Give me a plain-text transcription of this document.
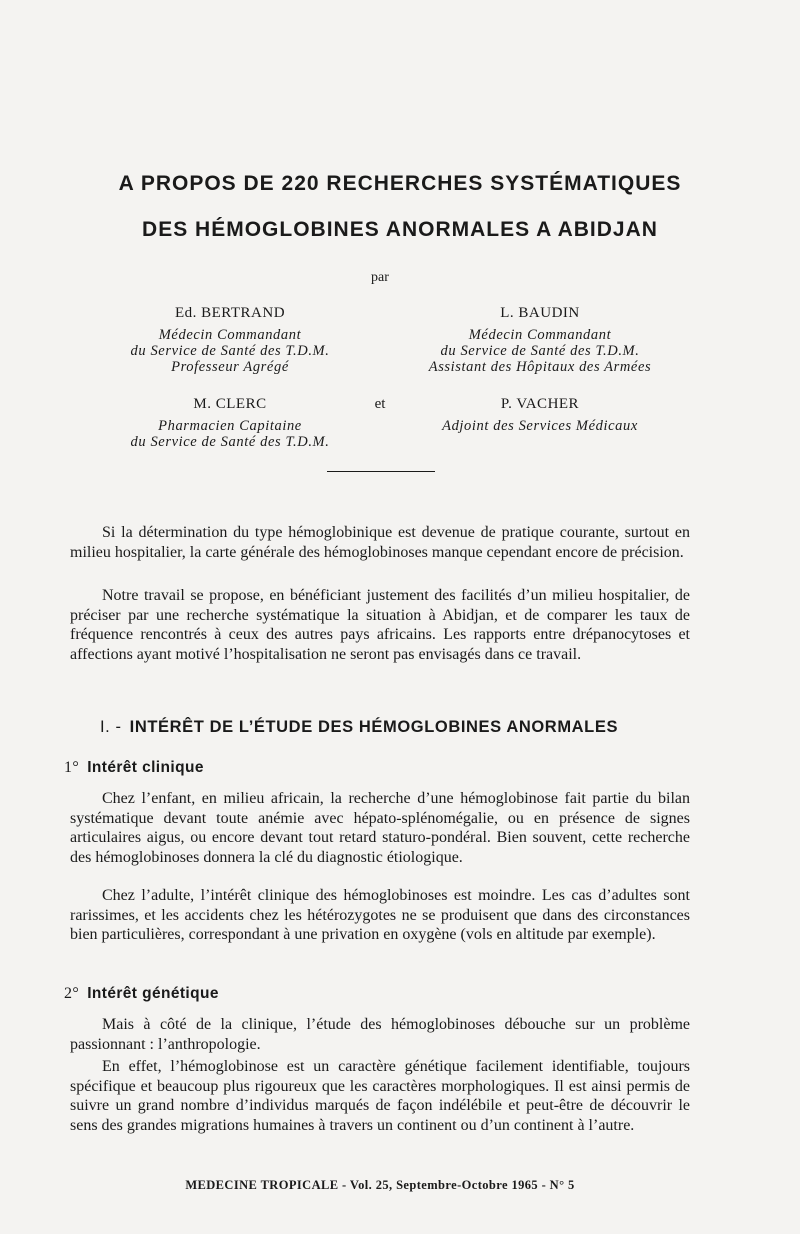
A PROPOS DE 220 RECHERCHES SYSTÉMATIQUES
DES HÉMOGLOBINES ANORMALES A ABIDJAN

par

Ed. BERTRAND
Médecin Commandant
du Service de Santé des T.D.M.
Professeur Agrégé
L. BAUDIN
Médecin Commandant
du Service de Santé des T.D.M.
Assistant des Hôpitaux des Armées

et

M. CLERC
Pharmacien Capitaine
du Service de Santé des T.D.M.
P. VACHER
Adjoint des Services Médicaux

Si la détermination du type hémoglobinique est devenue de pratique courante, surtout en milieu hospitalier, la carte générale des hémoglobinoses manque cependant encore de précision.

Notre travail se propose, en bénéficiant justement des facilités d’un milieu hospitalier, de préciser par une recherche systématique la situation à Abidjan, et de comparer les taux de fréquence rencontrés à ceux des autres pays africains. Les rapports entre drépanocytoses et affections ayant motivé l’hospitalisation ne seront pas envisagés dans ce travail.

I. - INTÉRÊT DE L’ÉTUDE DES HÉMOGLOBINES ANORMALES
1° Intérêt clinique

Chez l’enfant, en milieu africain, la recherche d’une hémoglobinose fait partie du bilan systématique devant toute anémie avec hépato-splénomégalie, ou en présence de signes articulaires aigus, ou encore devant tout retard staturo-pondéral. Bien souvent, cette recherche des hémoglobinoses donnera la clé du diagnostic étiologique.

Chez l’adulte, l’intérêt clinique des hémoglobinoses est moindre. Les cas d’adultes sont rarissimes, et les accidents chez les hétérozygotes ne se produisent que dans des circonstances bien particulières, correspondant à une privation en oxygène (vols en altitude par exemple).

2° Intérêt génétique

Mais à côté de la clinique, l’étude des hémoglobinoses débouche sur un problème passionnant : l’anthropologie.

En effet, l’hémoglobinose est un caractère génétique facilement identifiable, toujours spécifique et beaucoup plus rigoureux que les caractères morphologiques. Il est ainsi permis de suivre un grand nombre d’individus marqués de façon indélébile et peut-être de découvrir le sens des grandes migrations humaines à travers un continent ou d’un continent à l’autre.

MEDECINE TROPICALE - Vol. 25, Septembre-Octobre 1965 - N° 5
